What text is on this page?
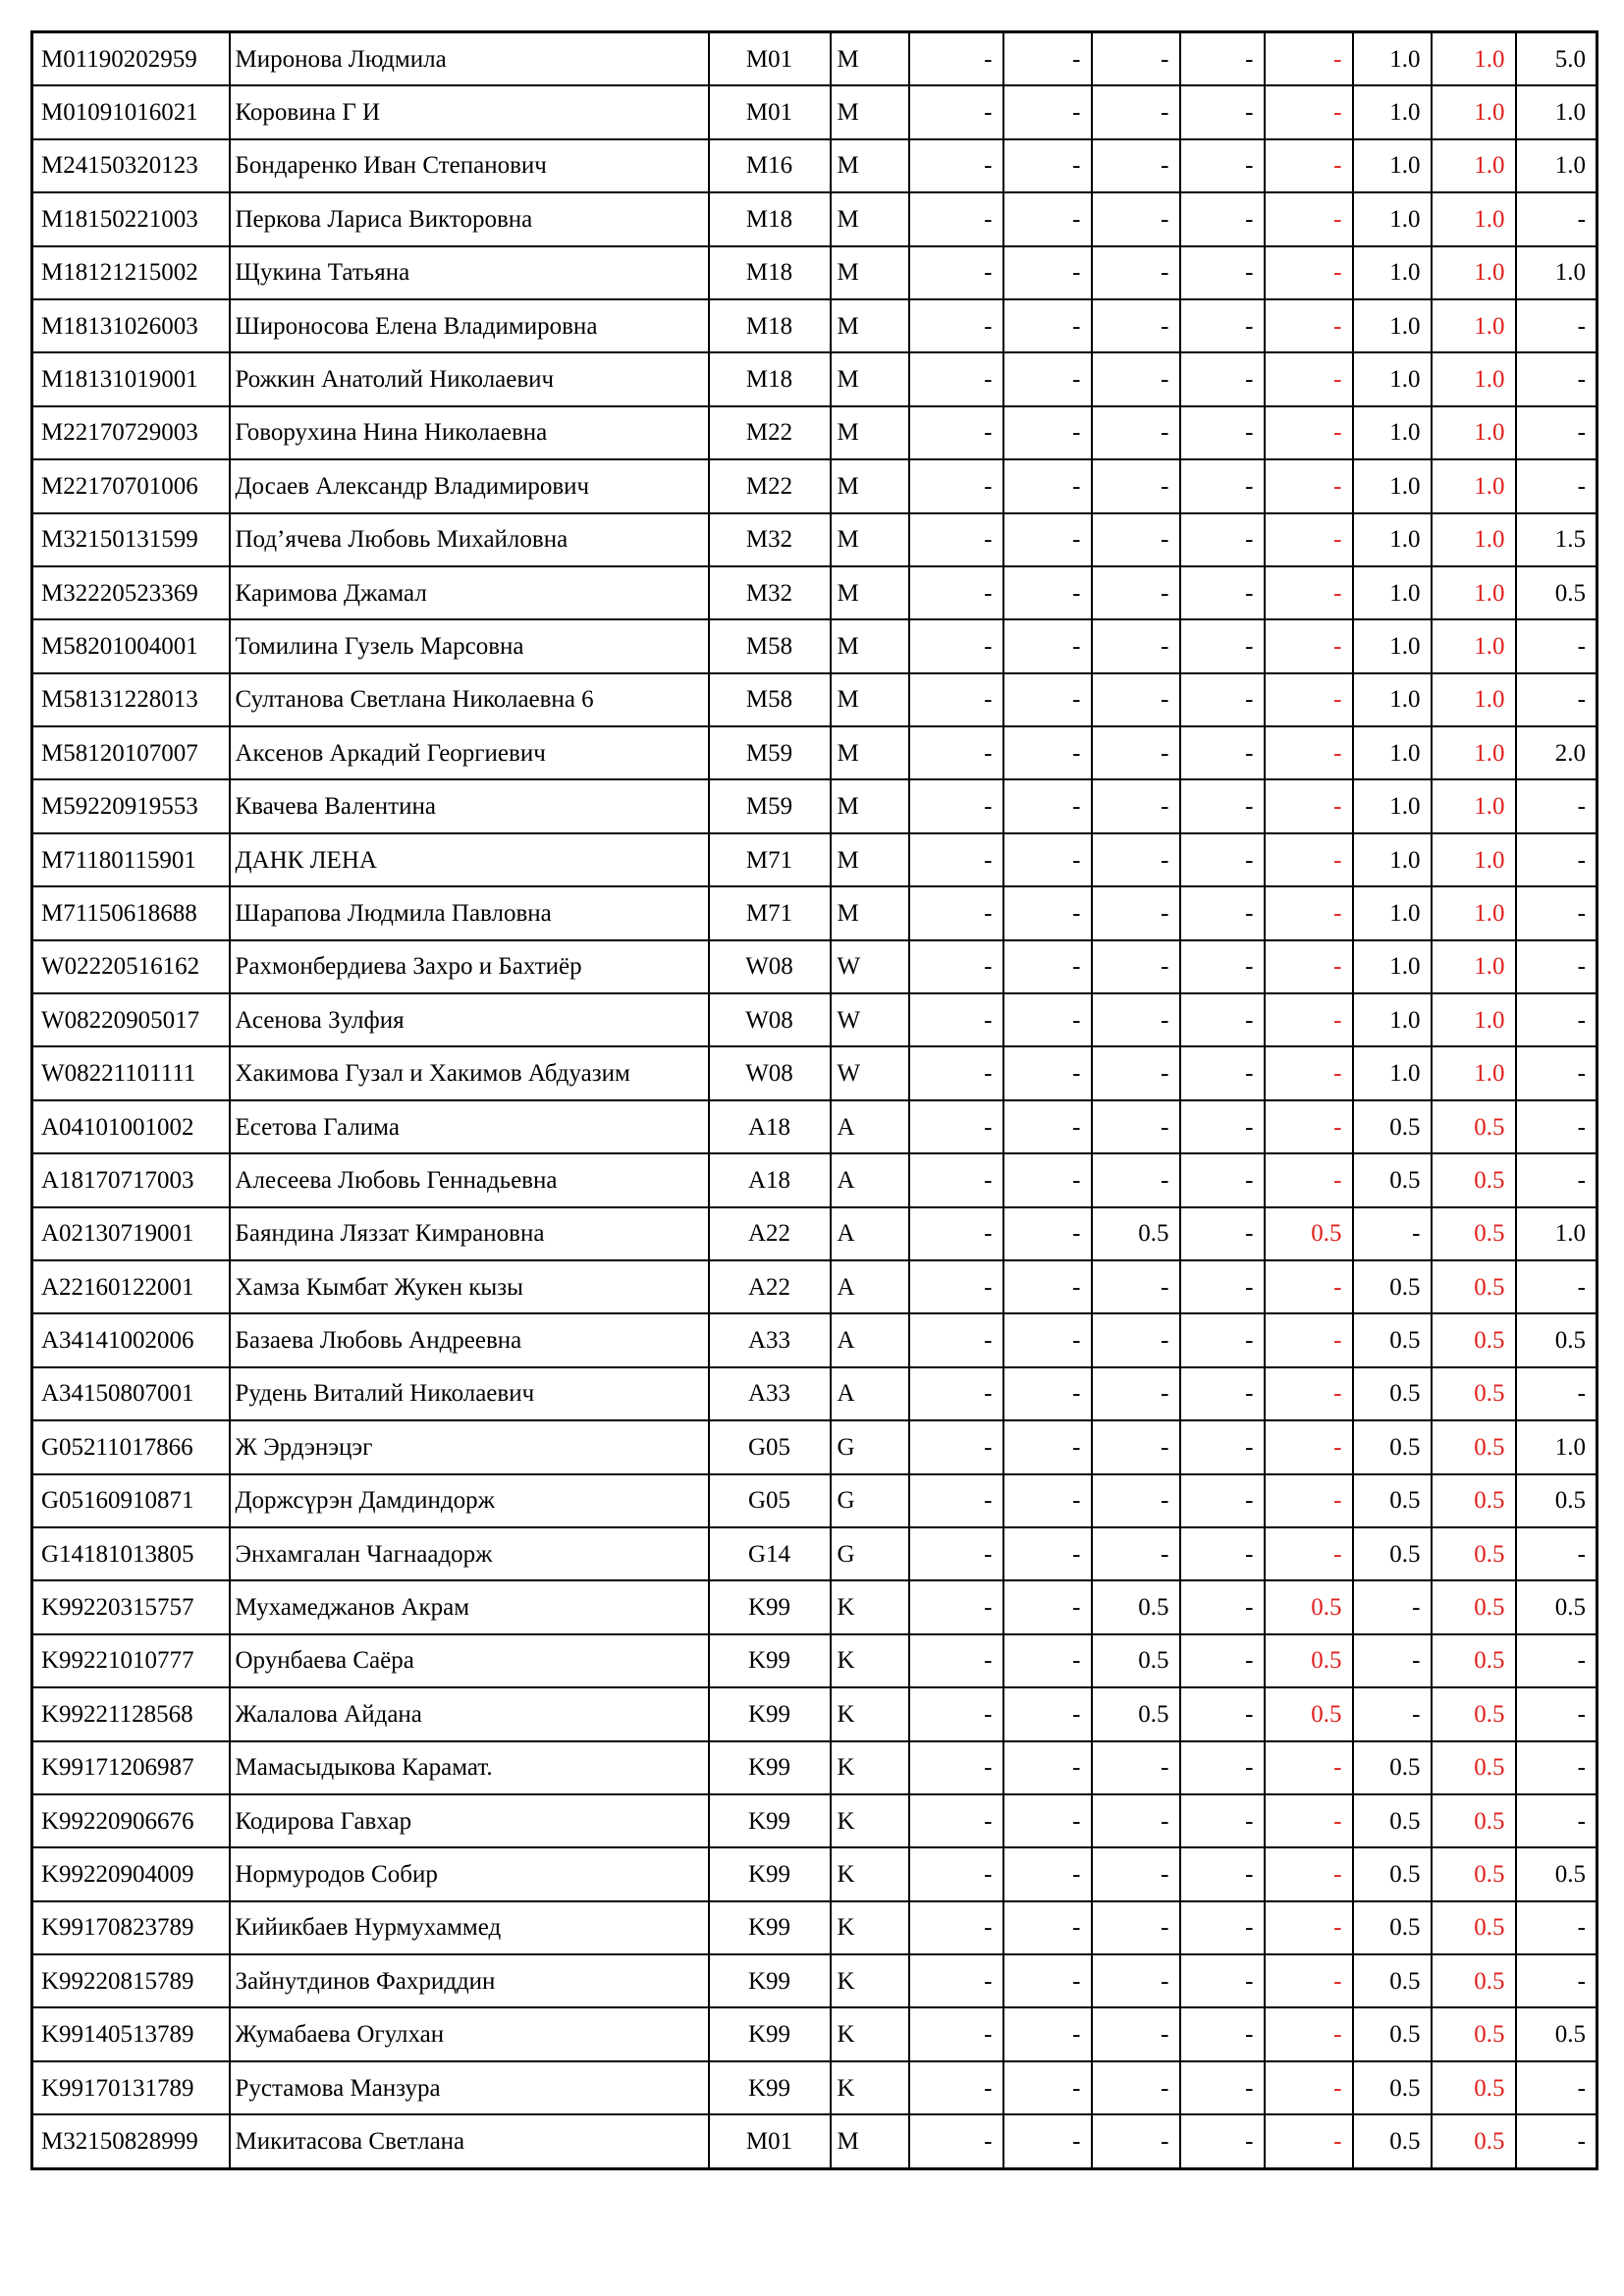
M01190202959	Миронова Людмила	M01	M	-	-	-	-	-	1.0	1.0	5.0
M01091016021	Коровина Г И	M01	M	-	-	-	-	-	1.0	1.0	1.0
M24150320123	Бондаренко Иван Степанович	M16	M	-	-	-	-	-	1.0	1.0	1.0
M18150221003	Перкова Лариса Викторовна	M18	M	-	-	-	-	-	1.0	1.0	-
M18121215002	Щукина Татьяна	M18	M	-	-	-	-	-	1.0	1.0	1.0
M18131026003	Широносова Елена Владимировна	M18	M	-	-	-	-	-	1.0	1.0	-
M18131019001	Рожкин Анатолий Николаевич	M18	M	-	-	-	-	-	1.0	1.0	-
M22170729003	Говорухина Нина Николаевна	M22	M	-	-	-	-	-	1.0	1.0	-
M22170701006	Досаев Александр Владимирович	M22	M	-	-	-	-	-	1.0	1.0	-
M32150131599	Под’ячева Любовь Михайловна	M32	M	-	-	-	-	-	1.0	1.0	1.5
M32220523369	Каримова Джамал	M32	M	-	-	-	-	-	1.0	1.0	0.5
M58201004001	Томилина Гузель Марсовна	M58	M	-	-	-	-	-	1.0	1.0	-
M58131228013	Султанова Светлана Николаевна 6	M58	M	-	-	-	-	-	1.0	1.0	-
M58120107007	Аксенов Аркадий Георгиевич	M59	M	-	-	-	-	-	1.0	1.0	2.0
M59220919553	Квачева Валентина	M59	M	-	-	-	-	-	1.0	1.0	-
M71180115901	ДАНК ЛЕНА	M71	M	-	-	-	-	-	1.0	1.0	-
M71150618688	Шарапова Людмила Павловна	M71	M	-	-	-	-	-	1.0	1.0	-
W02220516162	Рахмонбердиева Захро и Бахтиёр	W08	W	-	-	-	-	-	1.0	1.0	-
W08220905017	Асенова Зулфия	W08	W	-	-	-	-	-	1.0	1.0	-
W08221101111	Хакимова Гузал и Хакимов Абдуазим	W08	W	-	-	-	-	-	1.0	1.0	-
A04101001002	Есетова Галима	A18	A	-	-	-	-	-	0.5	0.5	-
A18170717003	Алесеева Любовь Геннадьевна	A18	A	-	-	-	-	-	0.5	0.5	-
A02130719001	Баяндина Ляззат Кимрановна	A22	A	-	-	0.5	-	0.5	-	0.5	1.0
A22160122001	Хамза Кымбат Жукен кызы	A22	A	-	-	-	-	-	0.5	0.5	-
A34141002006	Базаева Любовь Андреевна	A33	A	-	-	-	-	-	0.5	0.5	0.5
A34150807001	Рудень Виталий Николаевич	A33	A	-	-	-	-	-	0.5	0.5	-
G05211017866	Ж Эрдэнэцэг	G05	G	-	-	-	-	-	0.5	0.5	1.0
G05160910871	Доржсүрэн Дамдиндорж	G05	G	-	-	-	-	-	0.5	0.5	0.5
G14181013805	Энхамгалан Чагнаадорж	G14	G	-	-	-	-	-	0.5	0.5	-
K99220315757	Мухамеджанов Акрам	K99	K	-	-	0.5	-	0.5	-	0.5	0.5
K99221010777	Орунбаева Саёра	K99	K	-	-	0.5	-	0.5	-	0.5	-
K99221128568	Жалалова Айдана	K99	K	-	-	0.5	-	0.5	-	0.5	-
K99171206987	Мамасыдыкова Карамат.	K99	K	-	-	-	-	-	0.5	0.5	-
K99220906676	Кодирова Гавхар	K99	K	-	-	-	-	-	0.5	0.5	-
K99220904009	Нормуродов Собир	K99	K	-	-	-	-	-	0.5	0.5	0.5
K99170823789	Кийикбаев Нурмухаммед	K99	K	-	-	-	-	-	0.5	0.5	-
K99220815789	Зайнутдинов Фахриддин	K99	K	-	-	-	-	-	0.5	0.5	-
K99140513789	Жумабаева Огулхан	K99	K	-	-	-	-	-	0.5	0.5	0.5
K99170131789	Рустамова Манзура	K99	K	-	-	-	-	-	0.5	0.5	-
M32150828999	Микитасова Светлана	M01	M	-	-	-	-	-	0.5	0.5	-
